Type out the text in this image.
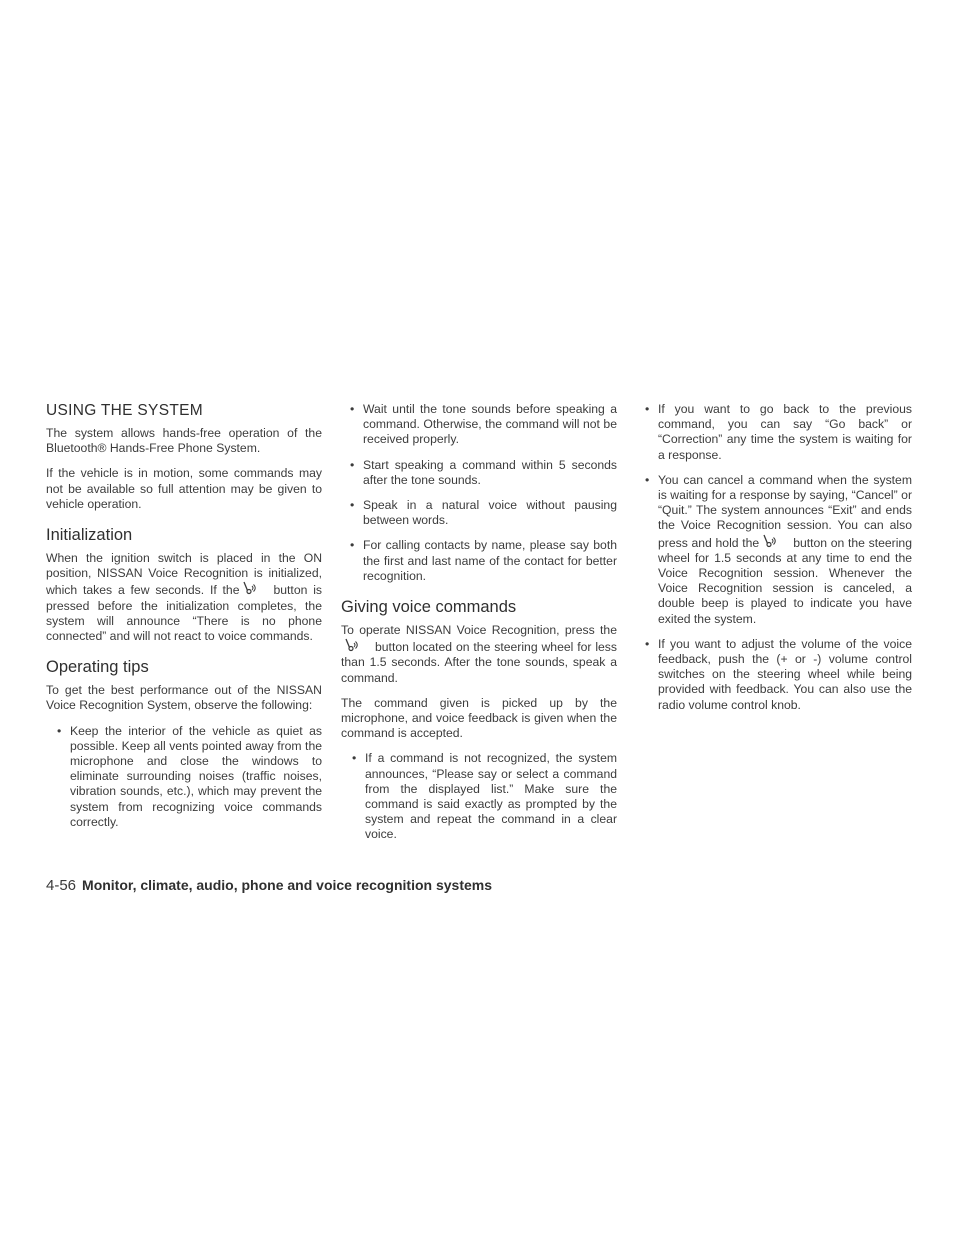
USING THE SYSTEM

The system allows hands-free operation of the Bluetooth® Hands-Free Phone System.

If the vehicle is in motion, some commands may not be available so full attention may be given to vehicle operation.

Initialization

When the ignition switch is placed in the ON position, NISSAN Voice Recognition is initialized, which takes a few seconds. If the	button is pressed before the initialization completes, the system will announce “There is no phone connected” and will not react to voice commands.

Operating tips

To get the best performance out of the NISSAN Voice Recognition System, observe the following:

• Keep the interior of the vehicle as quiet as possible. Keep all vents pointed away from the microphone and close the windows to eliminate surrounding noises (traffic noises, vibration sounds, etc.), which may prevent the system from recognizing voice commands correctly.
• Wait until the tone sounds before speaking a command. Otherwise, the command will not be received properly.
• Start speaking a command within 5 seconds after the tone sounds.
• Speak in a natural voice without pausing between words.
• For calling contacts by name, please say both the first and last name of the contact for better recognition.
Giving voice commands

To operate NISSAN Voice Recognition, press the
button located on the steering wheel for less than 1.5 seconds. After the tone sounds, speak a command.

The command given is picked up by the microphone, and voice feedback is given when the command is accepted.

• If a command is not recognized, the system announces, “Please say or select a command from the displayed list.” Make sure the command is said exactly as prompted by the system and repeat the command in a clear voice.
• If you want to go back to the previous command, you can say “Go back” or “Correction” any time the system is waiting for a response.
• You can cancel a command when the system is waiting for a response by saying, “Cancel” or “Quit.” The system announces “Exit” and ends the Voice Recognition session. You can also press and hold the	button on the steering wheel for 1.5 seconds at any time to end the Voice Recognition session. Whenever the Voice Recognition session is canceled, a double beep is played to indicate you have exited the system.
• If you want to adjust the volume of the voice feedback, push the (+ or -) volume control switches on the steering wheel while being provided with feedback. You can also use the radio volume control knob.
4-56 Monitor, climate, audio, phone and voice recognition systems
